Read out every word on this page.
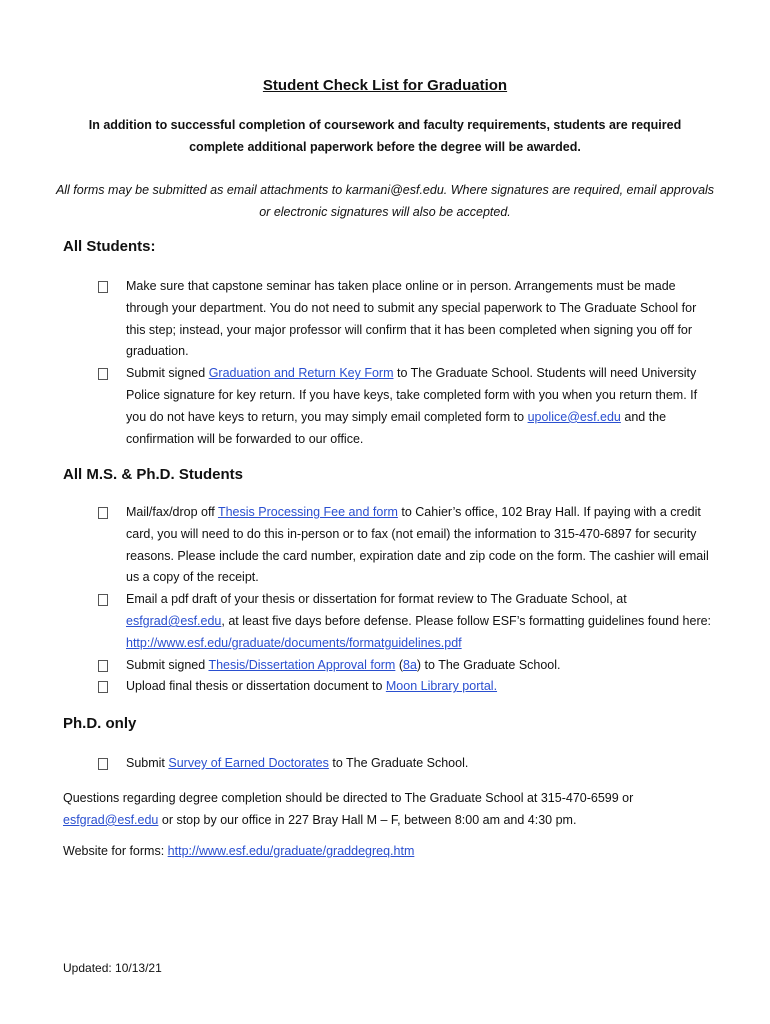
Student Check List for Graduation
In addition to successful completion of coursework and faculty requirements, students are required complete additional paperwork before the degree will be awarded.
All forms may be submitted as email attachments to karmani@esf.edu. Where signatures are required, email approvals or electronic signatures will also be accepted.
All Students:
Make sure that capstone seminar has taken place online or in person. Arrangements must be made through your department. You do not need to submit any special paperwork to The Graduate School for this step; instead, your major professor will confirm that it has been completed when signing you off for graduation.
Submit signed Graduation and Return Key Form to The Graduate School. Students will need University Police signature for key return. If you have keys, take completed form with you when you return them. If you do not have keys to return, you may simply email completed form to upolice@esf.edu and the confirmation will be forwarded to our office.
All M.S. & Ph.D. Students
Mail/fax/drop off Thesis Processing Fee and form to Cahier’s office, 102 Bray Hall. If paying with a credit card, you will need to do this in-person or to fax (not email) the information to 315-470-6897 for security reasons. Please include the card number, expiration date and zip code on the form. The cashier will email us a copy of the receipt.
Email a pdf draft of your thesis or dissertation for format review to The Graduate School, at esfgrad@esf.edu, at least five days before defense. Please follow ESF’s formatting guidelines found here: http://www.esf.edu/graduate/documents/formatguidelines.pdf
Submit signed Thesis/Dissertation Approval form (8a) to The Graduate School.
Upload final thesis or dissertation document to Moon Library portal.
Ph.D. only
Submit Survey of Earned Doctorates to The Graduate School.
Questions regarding degree completion should be directed to The Graduate School at 315-470-6599 or esfgrad@esf.edu or stop by our office in 227 Bray Hall M – F, between 8:00 am and 4:30 pm.
Website for forms: http://www.esf.edu/graduate/graddegreq.htm
Updated: 10/13/21
